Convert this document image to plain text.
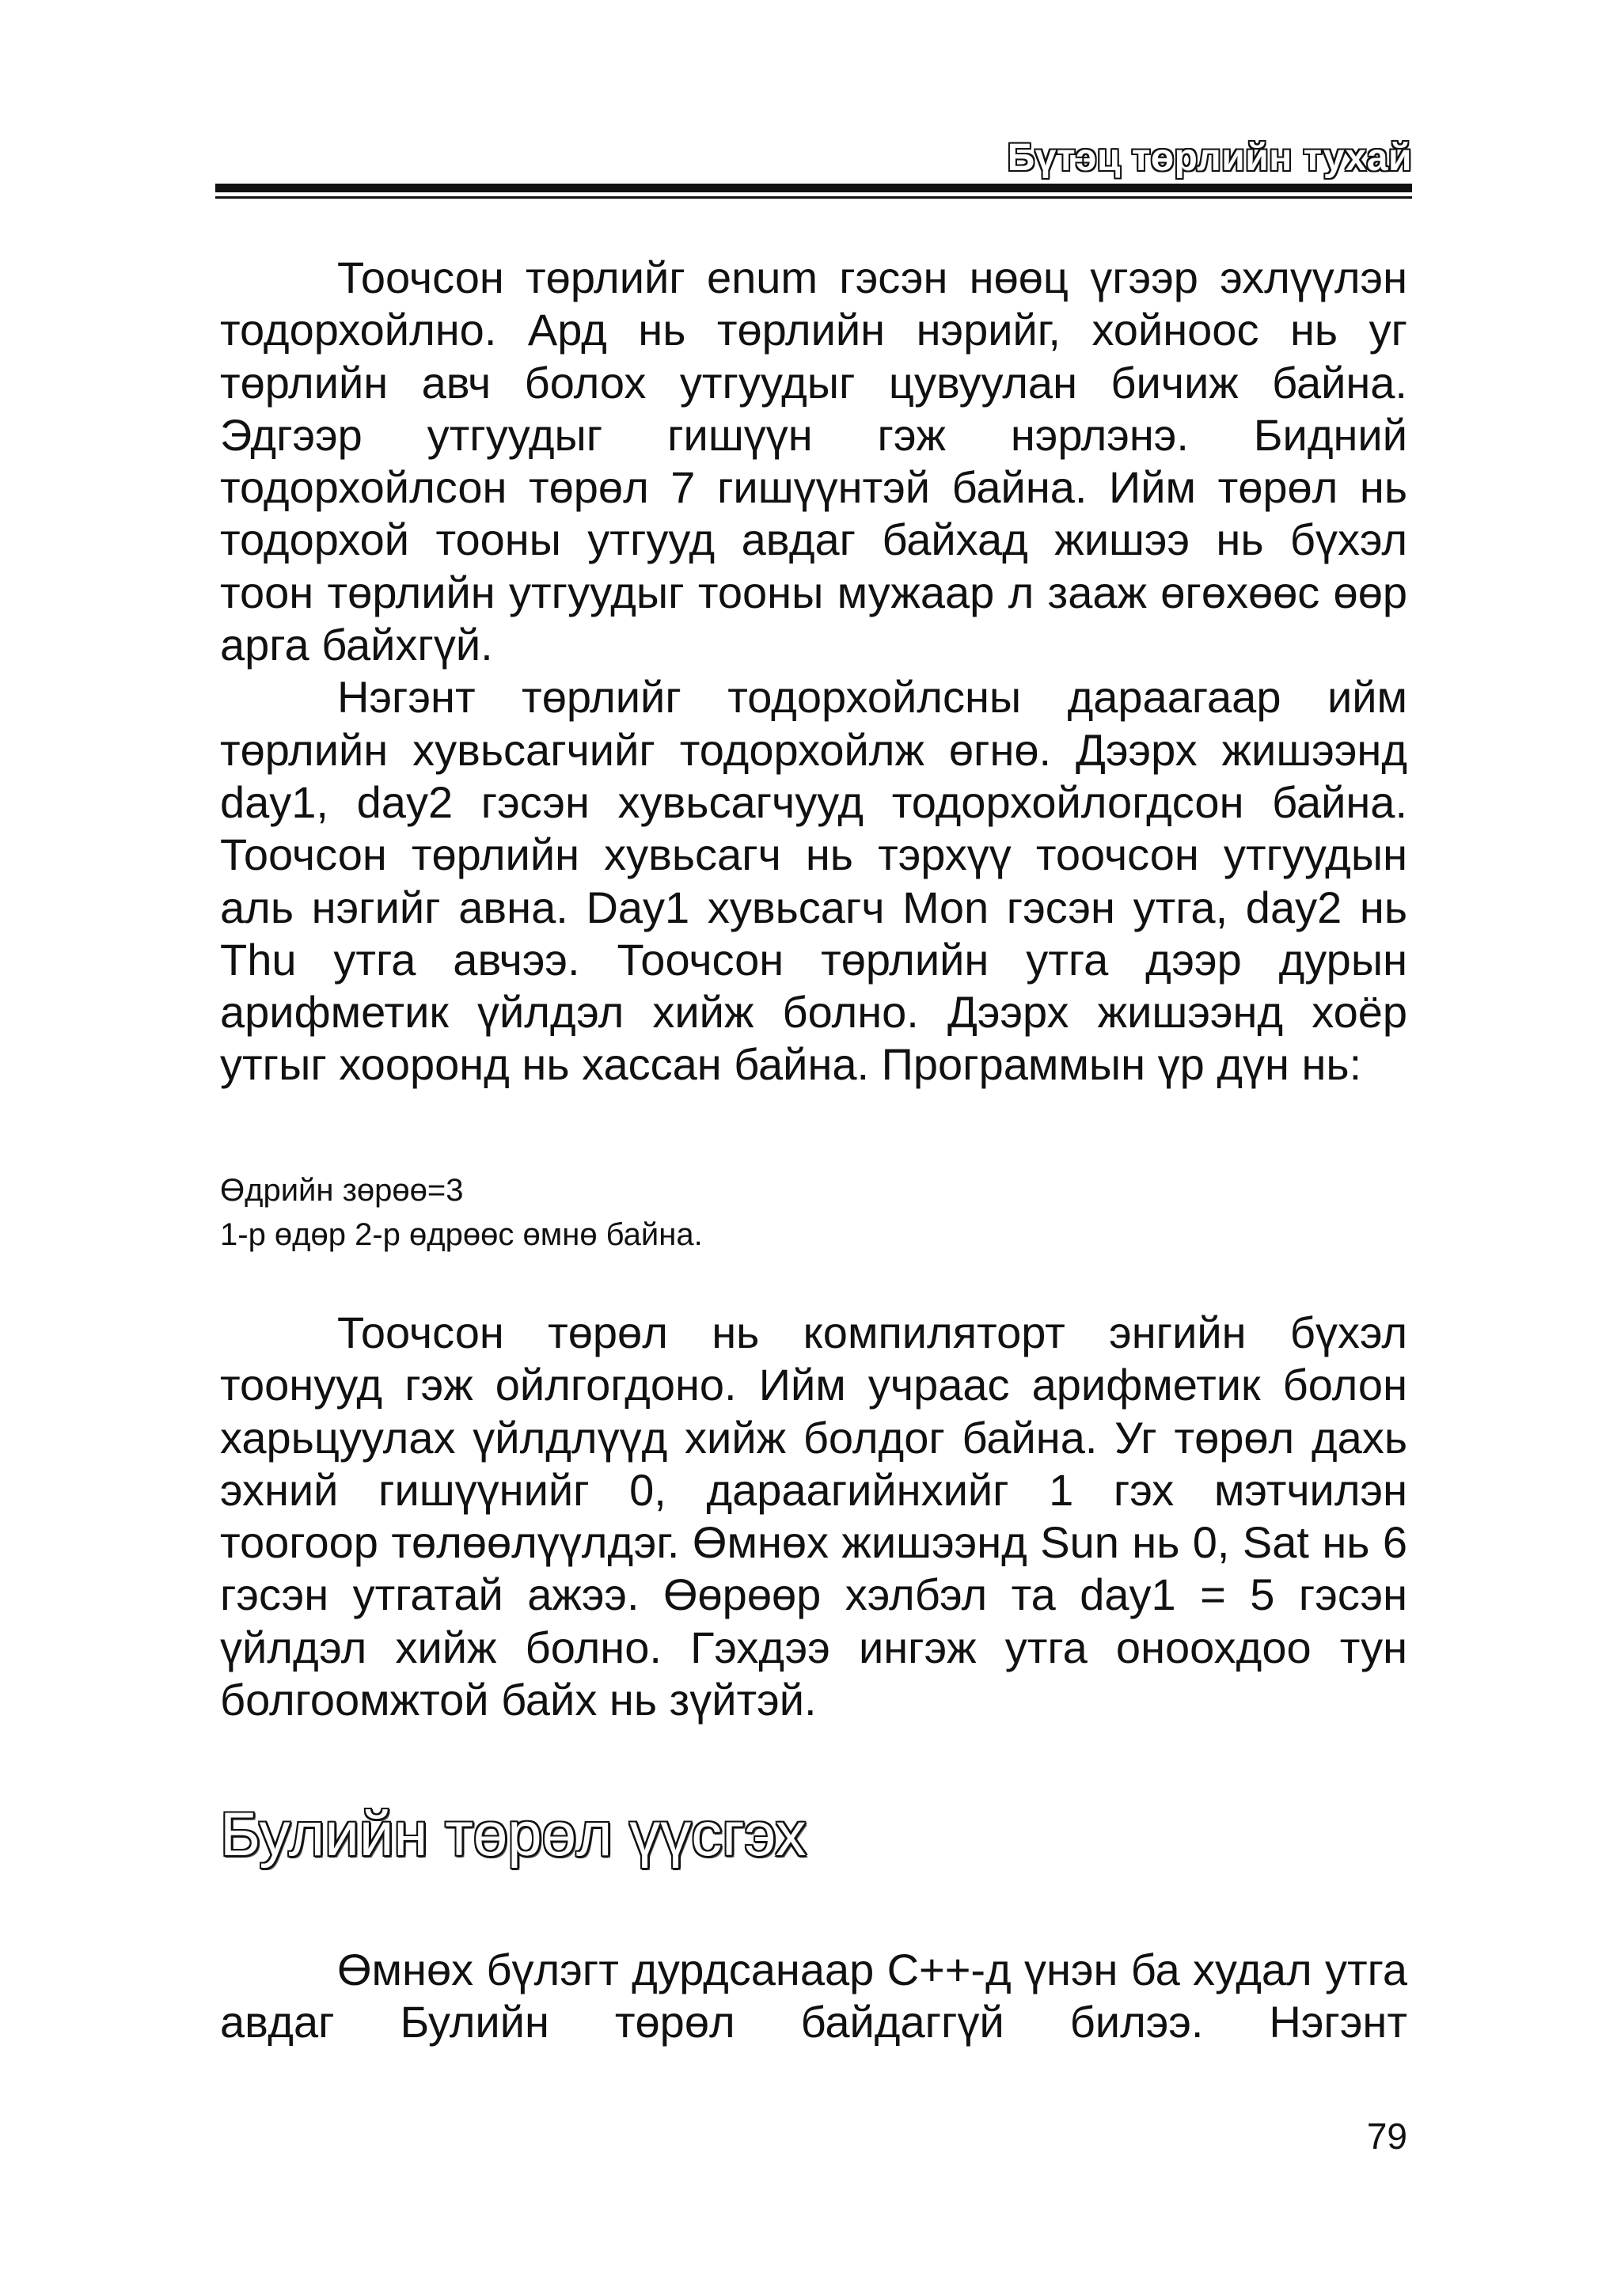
Бүтэц төрлийн тухай

Тоочсон төрлийг enum гэсэн нөөц үгээр эхлүүлэн тодорхойлно. Ард нь төрлийн нэрийг, хойноос нь уг төрлийн авч болох утгуудыг цувуулан бичиж байна. Эдгээр утгуудыг гишүүн гэж нэрлэнэ. Бидний тодорхойлсон төрөл 7 гишүүнтэй байна. Ийм төрөл нь тодорхой тооны утгууд авдаг байхад жишээ нь бүхэл тоон төрлийн утгуудыг тооны мужаар л зааж өгөхөөс өөр арга байхгүй.

Нэгэнт төрлийг тодорхойлсны дараагаар ийм төрлийн хувьсагчийг тодорхойлж өгнө. Дээрх жишээнд day1, day2 гэсэн хувьсагчууд тодорхойлогдсон байна. Тоочсон төрлийн хувьсагч нь тэрхүү тоочсон утгуудын аль нэгийг авна. Day1 хувьсагч Mon гэсэн утга, day2 нь Thu утга авчээ. Тоочсон төрлийн утга дээр дурын арифметик үйлдэл хийж болно. Дээрх жишээнд хоёр утгыг хооронд нь хассан байна. Программын үр дүн нь:

Өдрийн зөрөө=3
1-р өдөр 2-р өдрөөс өмнө байна.

Тоочсон төрөл нь компиляторт энгийн бүхэл тоонууд гэж ойлгогдоно. Ийм учраас арифметик болон харьцуулах үйлдлүүд хийж болдог байна. Уг төрөл дахь эхний гишүүнийг 0, дараагийнхийг 1 гэх мэтчилэн тоогоор төлөөлүүлдэг. Өмнөх жишээнд Sun нь 0, Sat нь 6 гэсэн утгатай ажээ. Өөрөөр хэлбэл та day1 = 5 гэсэн үйлдэл хийж болно. Гэхдээ ингэж утга оноохдоо тун болгоомжтой байх нь зүйтэй.

Булийн төрөл үүсгэх

Өмнөх бүлэгт дурдсанаар C++-д үнэн ба худал утга авдаг Булийн төрөл байдаггүй билээ. Нэгэнт

79
